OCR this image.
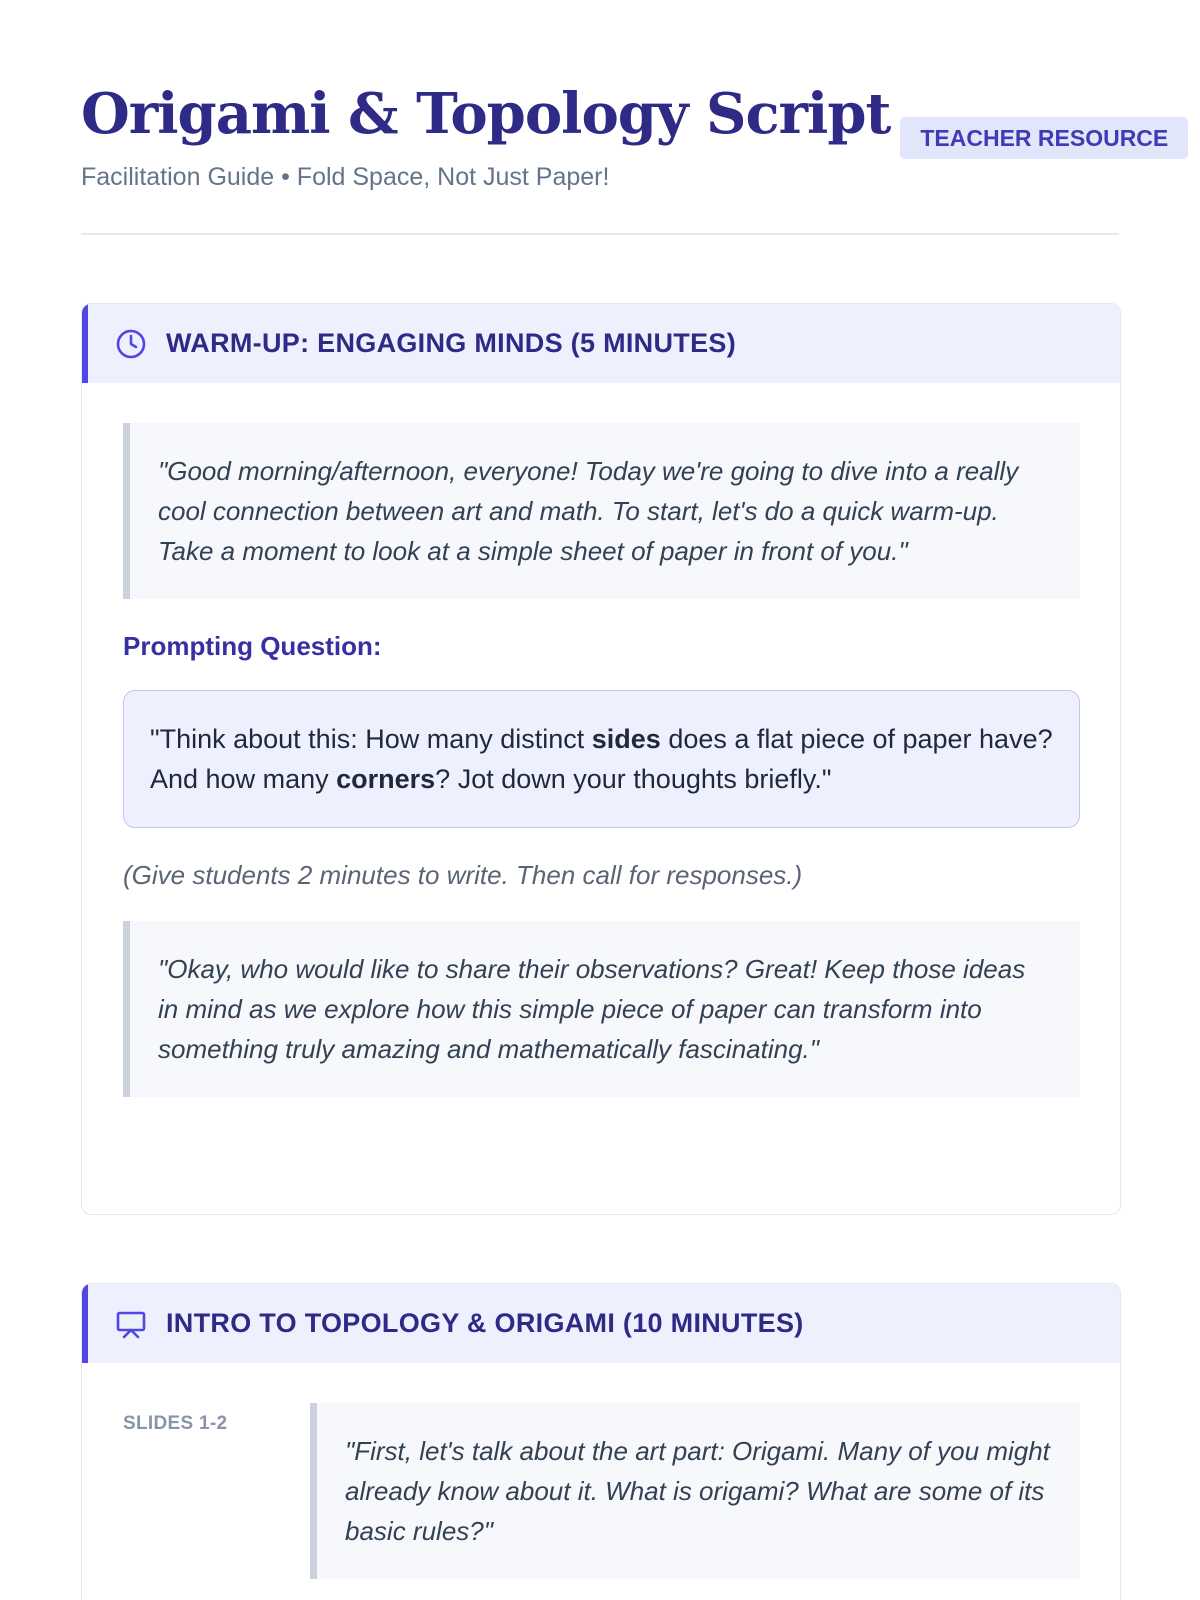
Origami & Topology Script	TEACHER RESOURCE
Facilitation Guide • Fold Space, Not Just Paper!
WARM-UP: ENGAGING MINDS (5 MINUTES)
"Good morning/afternoon, everyone! Today we're going to dive into a really cool connection between art and math. To start, let's do a quick warm-up. Take a moment to look at a simple sheet of paper in front of you."
Prompting Question:
"Think about this: How many distinct sides does a flat piece of paper have? And how many corners? Jot down your thoughts briefly."
(Give students 2 minutes to write. Then call for responses.)
"Okay, who would like to share their observations? Great! Keep those ideas in mind as we explore how this simple piece of paper can transform into something truly amazing and mathematically fascinating."
INTRO TO TOPOLOGY & ORIGAMI (10 MINUTES)
SLIDES 1-2
"First, let's talk about the art part: Origami. Many of you might already know about it. What is origami? What are some of its basic rules?"
